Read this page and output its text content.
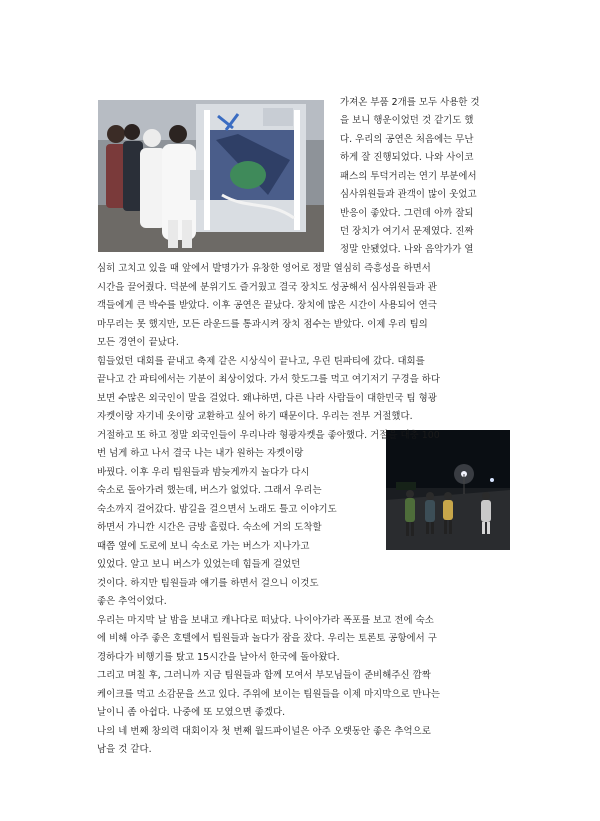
가져온 부품 2개를 모두 사용한 것
을 보니 행운이었던 것 같기도 했
다. 우리의 공연은 처음에는 무난
하게 잘 진행되었다. 나와 사이코
패스의 투덕거리는 연기 부분에서
심사위원들과 관객이 많이 웃었고
반응이 좋았다. 그런데 아까 잘되
던 장치가 여기서 문제였다. 진짜
정말 안됐었다. 나와 음악가가 열
심히 고치고 있을 때 앞에서 발명가가 유창한 영어로 정말 열심히 즉흥성을 하면서
시간을 끌어줬다. 덕분에 분위기도 즐거웠고 결국 장치도 성공해서 심사위원들과 관
객들에게 큰 박수를 받았다. 이후 공연은 끝났다. 장치에 많은 시간이 사용되어 연극
마무리는 못 했지만, 모든 라운드를 통과시켜 장치 점수는 받았다. 이제 우리 팀의
모든 경연이 끝났다.
힘들었던 대회를 끝내고 축제 같은 시상식이 끝나고, 우린 틴파티에 갔다. 대회를
끝나고 간 파티에서는 기분이 최상이었다. 가서 핫도그를 먹고 여기저기 구경을 하다
보면 수많은 외국인이 말을 걸었다. 왜냐하면, 다른 나라 사람들이 대한민국 팀 형광
자켓이랑 자기네 옷이랑 교환하고 싶어 하기 때문이다. 우리는 전부 거절했다.
거절하고 또 하고 정말 외국인들이 우리나라 형광자켓을 좋아했다. 거절을 대충 100
번 넘게 하고 나서 결국 나는 내가 원하는 자켓이랑
바꿨다. 이후 우리 팀원들과 밤늦게까지 놀다가 다시
숙소로 돌아가려 했는데, 버스가 없었다. 그래서 우리는
숙소까지 걸어갔다. 밤길을 걸으면서 노래도 틀고 이야기도
하면서 가니깐 시간은 금방 흘렀다. 숙소에 거의 도착할
때쯤 옆에 도로에 보니 숙소로 가는 버스가 지나가고
있었다. 알고 보니 버스가 있었는데 힘들게 걸었던
것이다. 하지만 팀원들과 얘기를 하면서 걸으니 이것도
좋은 추억이었다.
우리는 마지막 날 밤을 보내고 캐나다로 떠났다. 나이아가라 폭포를 보고 전에 숙소
에 비해 아주 좋은 호텔에서 팀원들과 놀다가 잠을 잤다. 우리는 토론토 공항에서 구
경하다가 비행기를 탔고 15시간을 날아서 한국에 돌아왔다.
그리고 며칠 후, 그러니까 지금 팀원들과 함께 모여서 부모님들이 준비해주신 깜짝
케이크를 먹고 소감문을 쓰고 있다. 주위에 보이는 팀원들을 이제 마지막으로 만나는
날이니 좀 아쉽다. 나중에 또 모였으면 좋겠다.
나의 네 번째 창의력 대회이자 첫 번째 월드파이널은 아주 오랫동안 좋은 추억으로
남을 것 같다.
